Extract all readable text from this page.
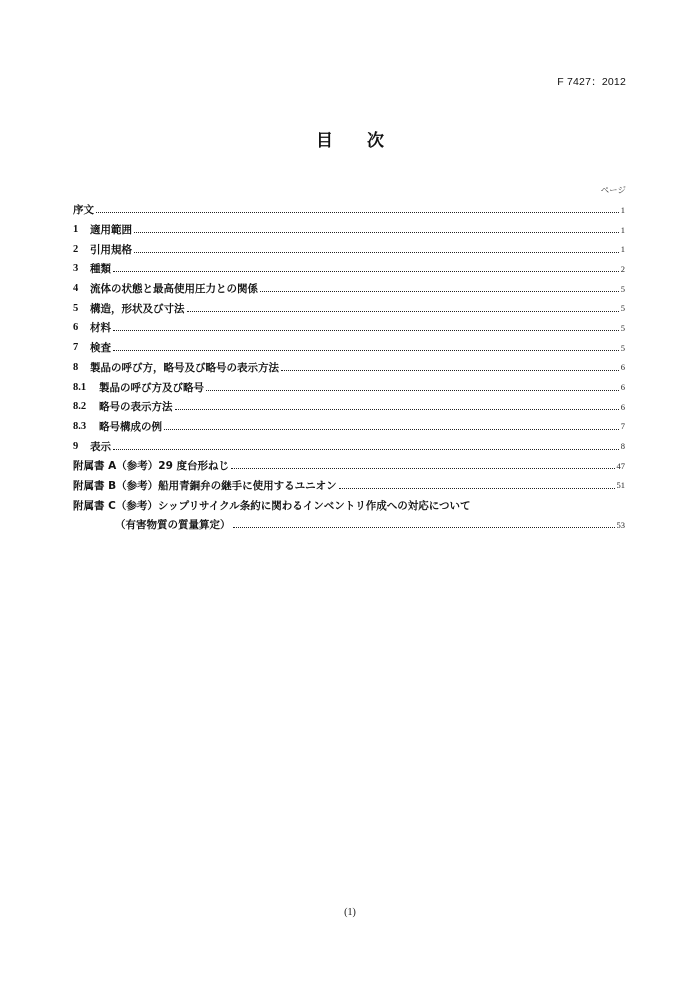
F 7427：2012
目 次
ページ
序文	1
1	適用範囲	1
2	引用規格	1
3	種類	2
4	流体の状態と最高使用圧力との関係	5
5	構造，形状及び寸法	5
6	材料	5
7	検査	5
8	製品の呼び方，略号及び略号の表示方法	6
8.1	製品の呼び方及び略号	6
8.2	略号の表示方法	6
8.3	略号構成の例	7
9	表示	8
附属書 A（参考）29 度台形ねじ	47
附属書 B（参考）船用青銅弁の継手に使用するユニオン	51
附属書 C（参考）シップリサイクル条約に関わるインベントリ作成への対応について
（有害物質の質量算定）	53
(1)
